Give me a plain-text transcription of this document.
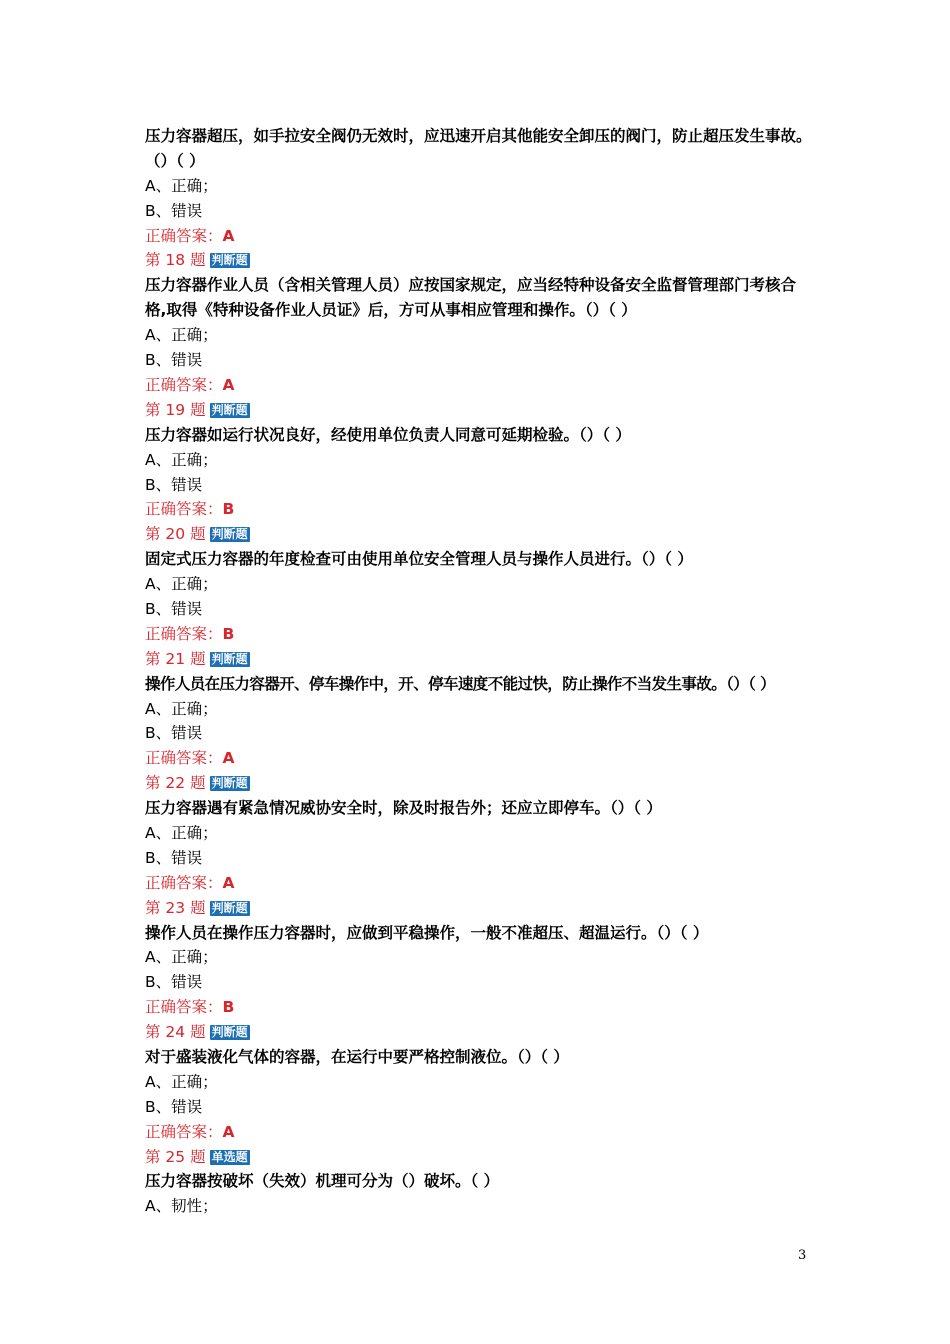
压力容器超压，如手拉安全阀仍无效时，应迅速开启其他能安全卸压的阀门，防止超压发生事故。（）（ ）
A、正确；
B、错误
正确答案：A
第 18 题 判断题
压力容器作业人员（含相关管理人员）应按国家规定，应当经特种设备安全监督管理部门考核合格,取得《特种设备作业人员证》后，方可从事相应管理和操作。（）（ ）
A、正确；
B、错误
正确答案：A
第 19 题 判断题
压力容器如运行状况良好，经使用单位负责人同意可延期检验。（）（ ）
A、正确；
B、错误
正确答案：B
第 20 题 判断题
固定式压力容器的年度检查可由使用单位安全管理人员与操作人员进行。（）（ ）
A、正确；
B、错误
正确答案：B
第 21 题 判断题
操作人员在压力容器开、停车操作中，开、停车速度不能过快，防止操作不当发生事故。（）（ ）
A、正确；
B、错误
正确答案：A
第 22 题 判断题
压力容器遇有紧急情况威协安全时，除及时报告外；还应立即停车。（）（ ）
A、正确；
B、错误
正确答案：A
第 23 题 判断题
操作人员在操作压力容器时，应做到平稳操作，一般不准超压、超温运行。（）（ ）
A、正确；
B、错误
正确答案：B
第 24 题 判断题
对于盛装液化气体的容器，在运行中要严格控制液位。（）（ ）
A、正确；
B、错误
正确答案：A
第 25 题 单选题
压力容器按破坏（失效）机理可分为（）破坏。（ ）
A、韧性；
3
